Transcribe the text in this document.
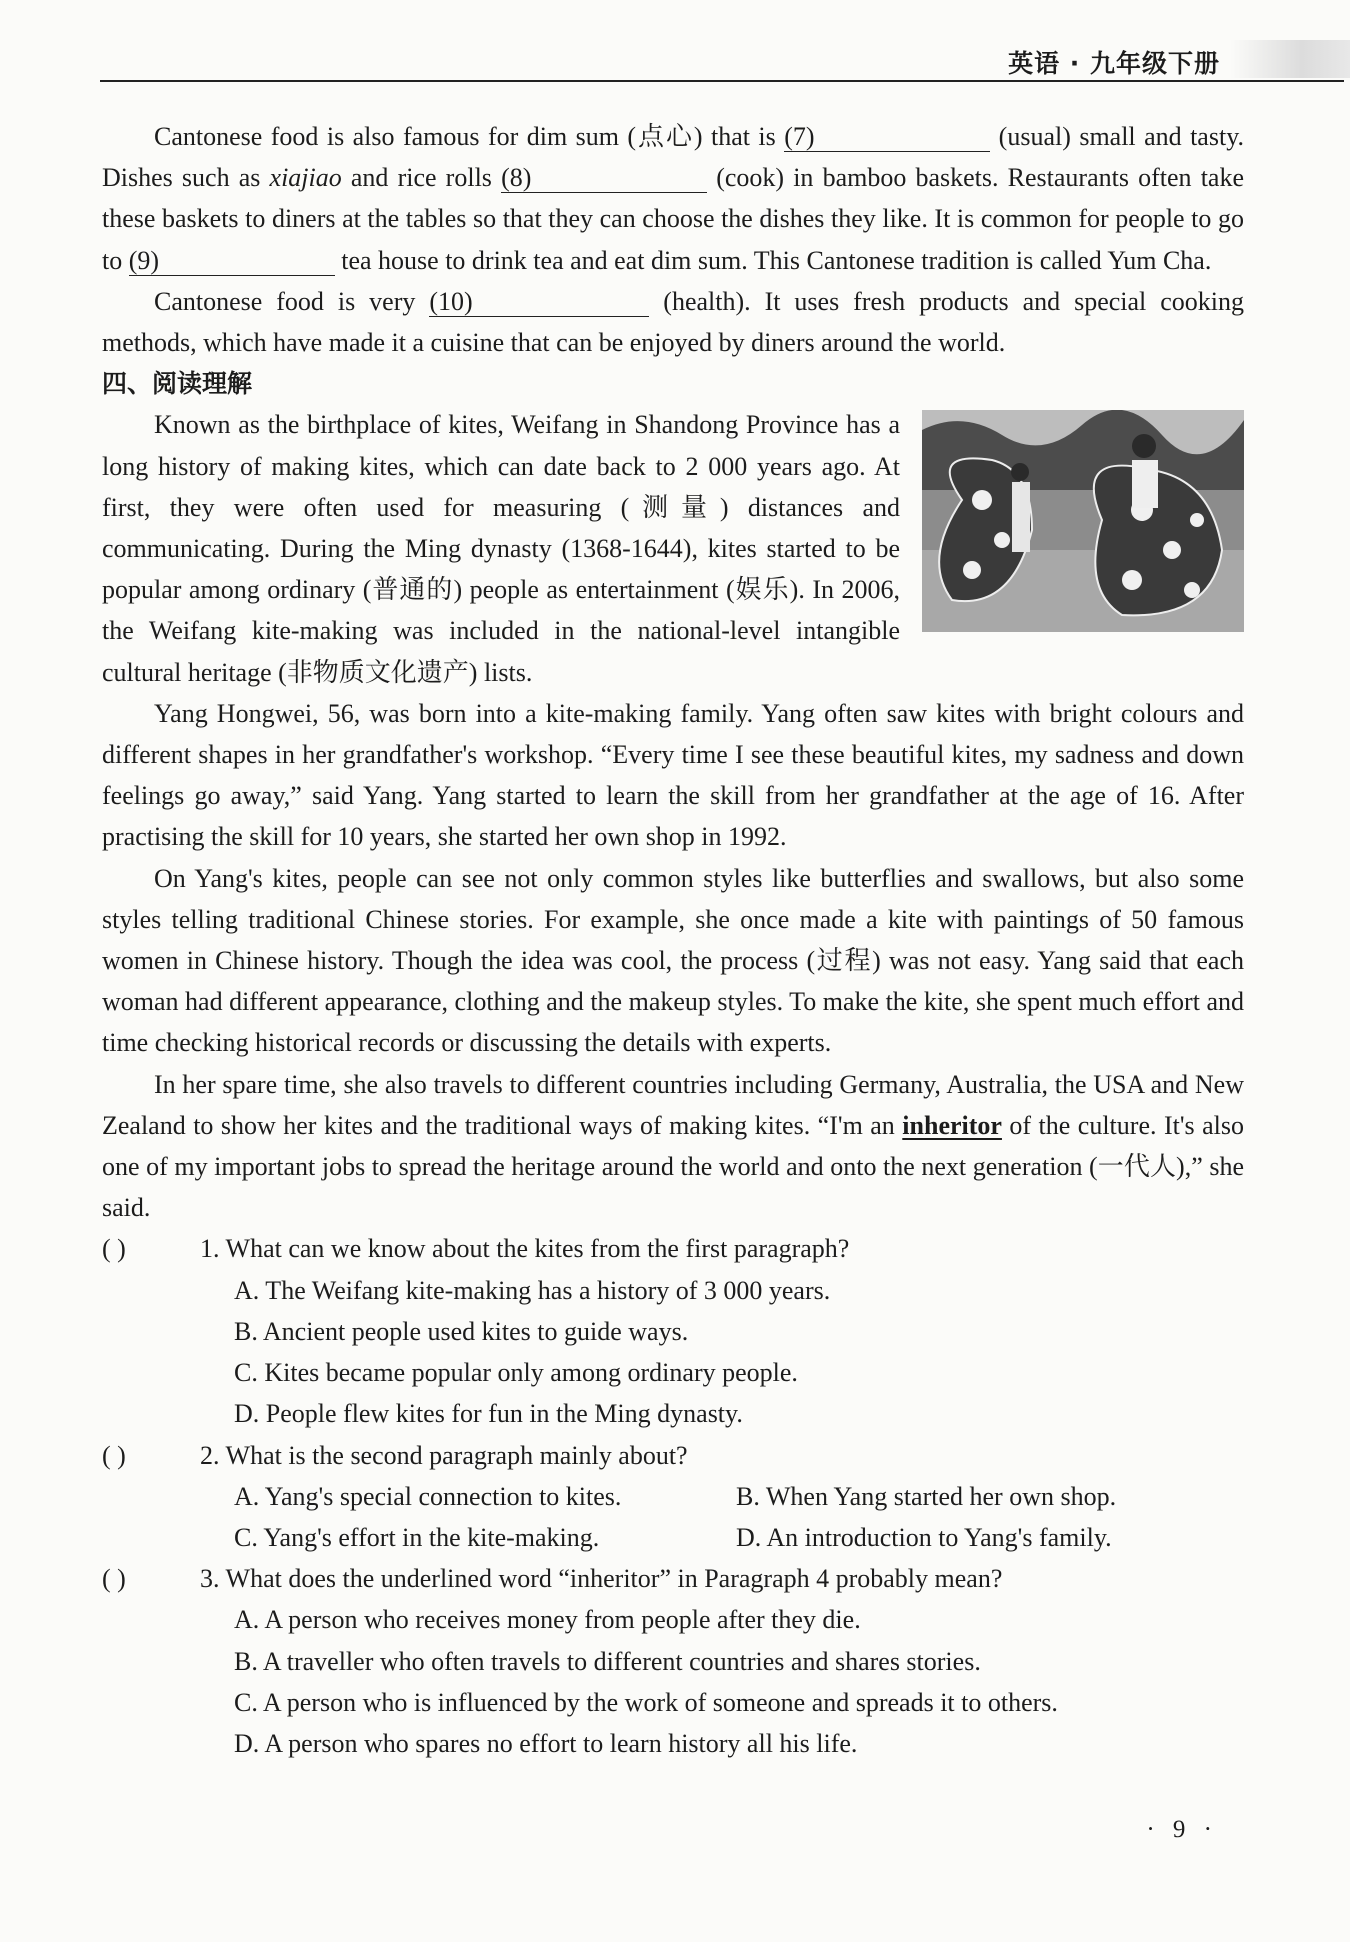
英语 · 九年级下册

Cantonese food is also famous for dim sum (点心) that is (7)	(usual) small and tasty. Dishes such as xiajiao and rice rolls (8)	(cook) in bamboo baskets. Restaurants often take these baskets to diners at the tables so that they can choose the dishes they like. It is common for people to go to (9)	tea house to drink tea and eat dim sum. This Cantonese tradition is called Yum Cha.

Cantonese food is very (10)	(health). It uses fresh products and special cooking methods, which have made it a cuisine that can be enjoyed by diners around the world.

四、阅读理解

Known as the birthplace of kites, Weifang in Shandong Province has a long history of making kites, which can date back to 2 000 years ago. At first, they were often used for measuring (测量) distances and communicating. During the Ming dynasty (1368-1644), kites started to be popular among ordinary (普通的) people as entertainment (娱乐). In 2006, the Weifang kite-making was included in the national-level intangible cultural heritage (非物质文化遗产) lists.

Yang Hongwei, 56, was born into a kite-making family. Yang often saw kites with bright colours and different shapes in her grandfather's workshop. “Every time I see these beautiful kites, my sadness and down feelings go away,” said Yang. Yang started to learn the skill from her grandfather at the age of 16. After practising the skill for 10 years, she started her own shop in 1992.

On Yang's kites, people can see not only common styles like butterflies and swallows, but also some styles telling traditional Chinese stories. For example, she once made a kite with paintings of 50 famous women in Chinese history. Though the idea was cool, the process (过程) was not easy. Yang said that each woman had different appearance, clothing and the makeup styles. To make the kite, she spent much effort and time checking historical records or discussing the details with experts.

In her spare time, she also travels to different countries including Germany, Australia, the USA and New Zealand to show her kites and the traditional ways of making kites. “I'm an inheritor of the culture. It's also one of my important jobs to spread the heritage around the world and onto the next generation (一代人),” she said.

( )	1. What can we know about the kites from the first paragraph?
A. The Weifang kite-making has a history of 3 000 years.
B. Ancient people used kites to guide ways.
C. Kites became popular only among ordinary people.
D. People flew kites for fun in the Ming dynasty.
( )	2. What is the second paragraph mainly about?
A. Yang's special connection to kites.	B. When Yang started her own shop.
C. Yang's effort in the kite-making.	D. An introduction to Yang's family.
( )	3. What does the underlined word “inheritor” in Paragraph 4 probably mean?
A. A person who receives money from people after they die.
B. A traveller who often travels to different countries and shares stories.
C. A person who is influenced by the work of someone and spreads it to others.
D. A person who spares no effort to learn history all his life.
· 9 ·
